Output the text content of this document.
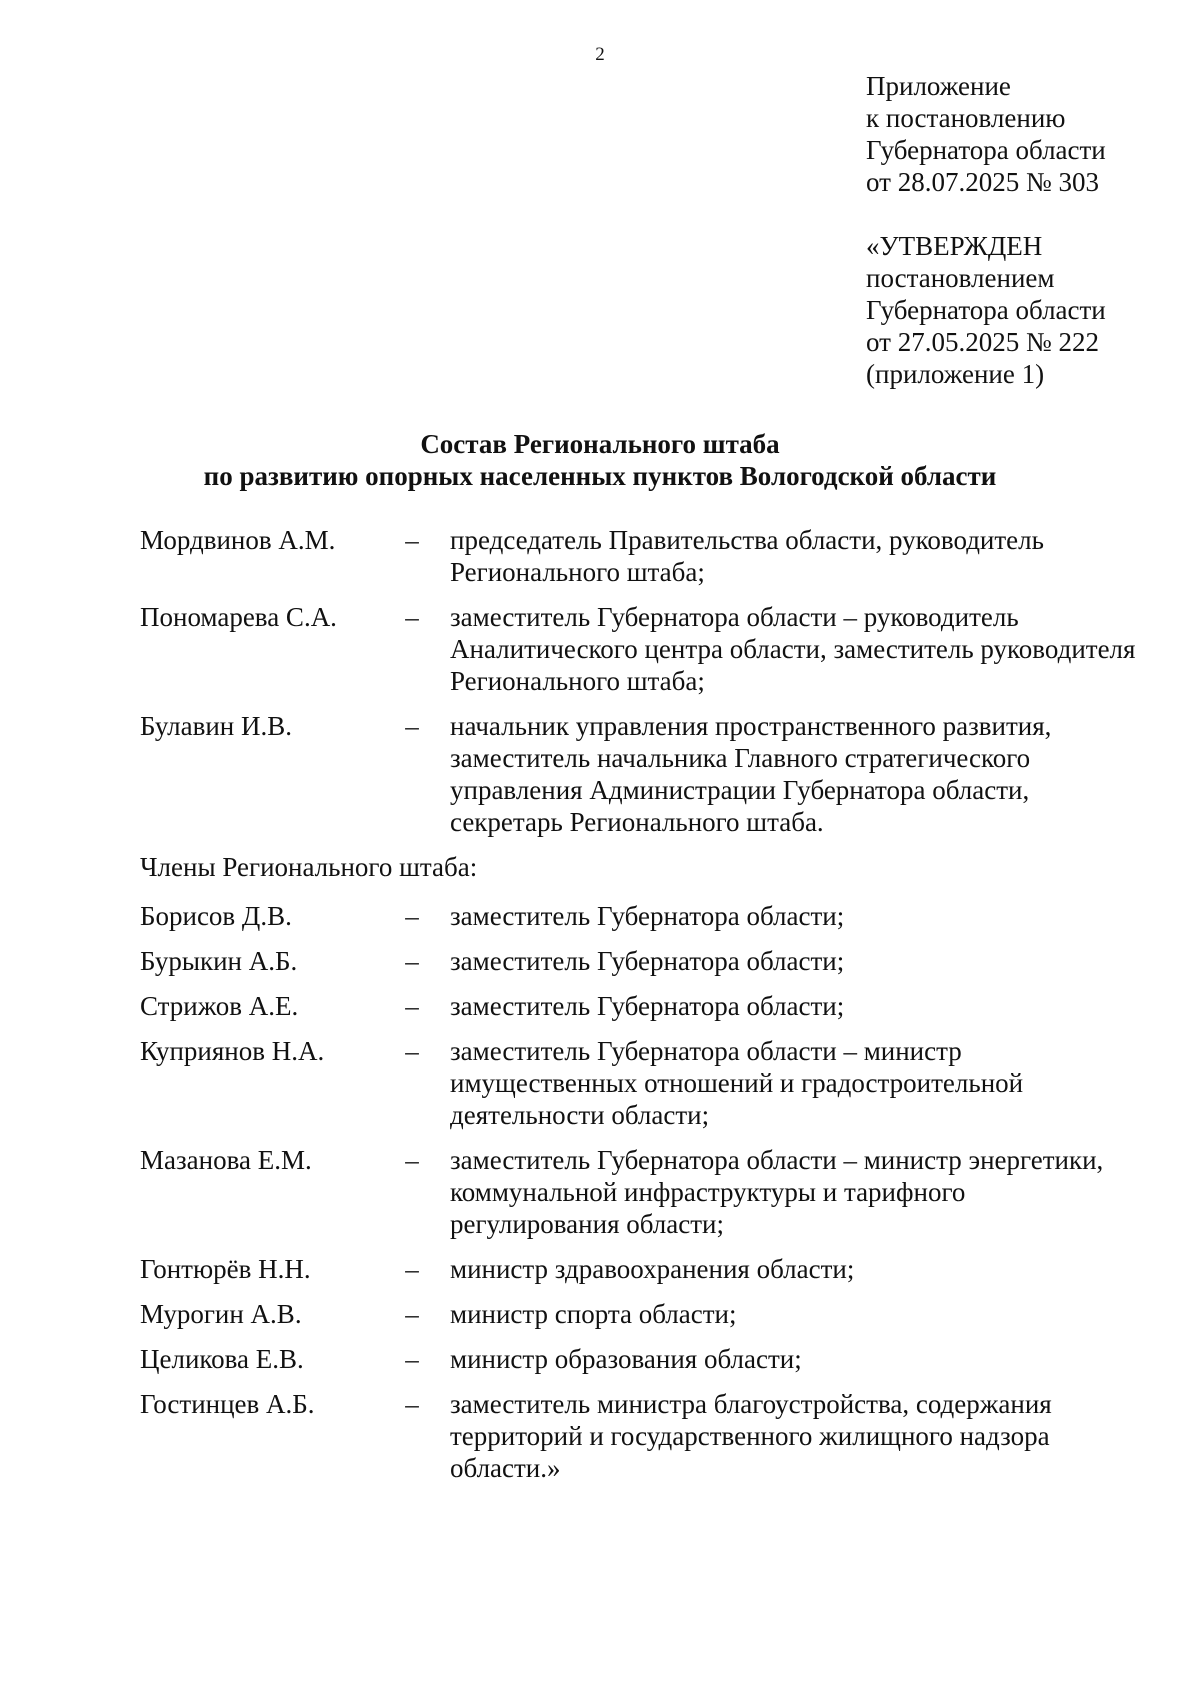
2
Приложение
к постановлению
Губернатора области
от 28.07.2025 № 303
«УТВЕРЖДЕН
постановлением
Губернатора области
от 27.05.2025 № 222
(приложение 1)
Состав Регионального штаба
по развитию опорных населенных пунктов Вологодской области
Мордвинов А.М.	–	председатель Правительства области, руководитель Регионального штаба;
Пономарева С.А.	–	заместитель Губернатора области – руководитель Аналитического центра области, заместитель руководителя Регионального штаба;
Булавин И.В.	–	начальник управления пространственного развития, заместитель начальника Главного стратегического управления Администрации Губернатора области, секретарь Регионального штаба.
Члены Регионального штаба:
Борисов Д.В.	–	заместитель Губернатора области;
Бурыкин А.Б.	–	заместитель Губернатора области;
Стрижов А.Е.	–	заместитель Губернатора области;
Куприянов Н.А.	–	заместитель Губернатора области – министр имущественных отношений и градостроительной деятельности области;
Мазанова Е.М.	–	заместитель Губернатора области – министр энергетики, коммунальной инфраструктуры и тарифного регулирования области;
Гонтюрёв Н.Н.	–	министр здравоохранения области;
Мурогин А.В.	–	министр спорта области;
Целикова Е.В.	–	министр образования области;
Гостинцев А.Б.	–	заместитель министра благоустройства, содержания территорий и государственного жилищного надзора области.»
